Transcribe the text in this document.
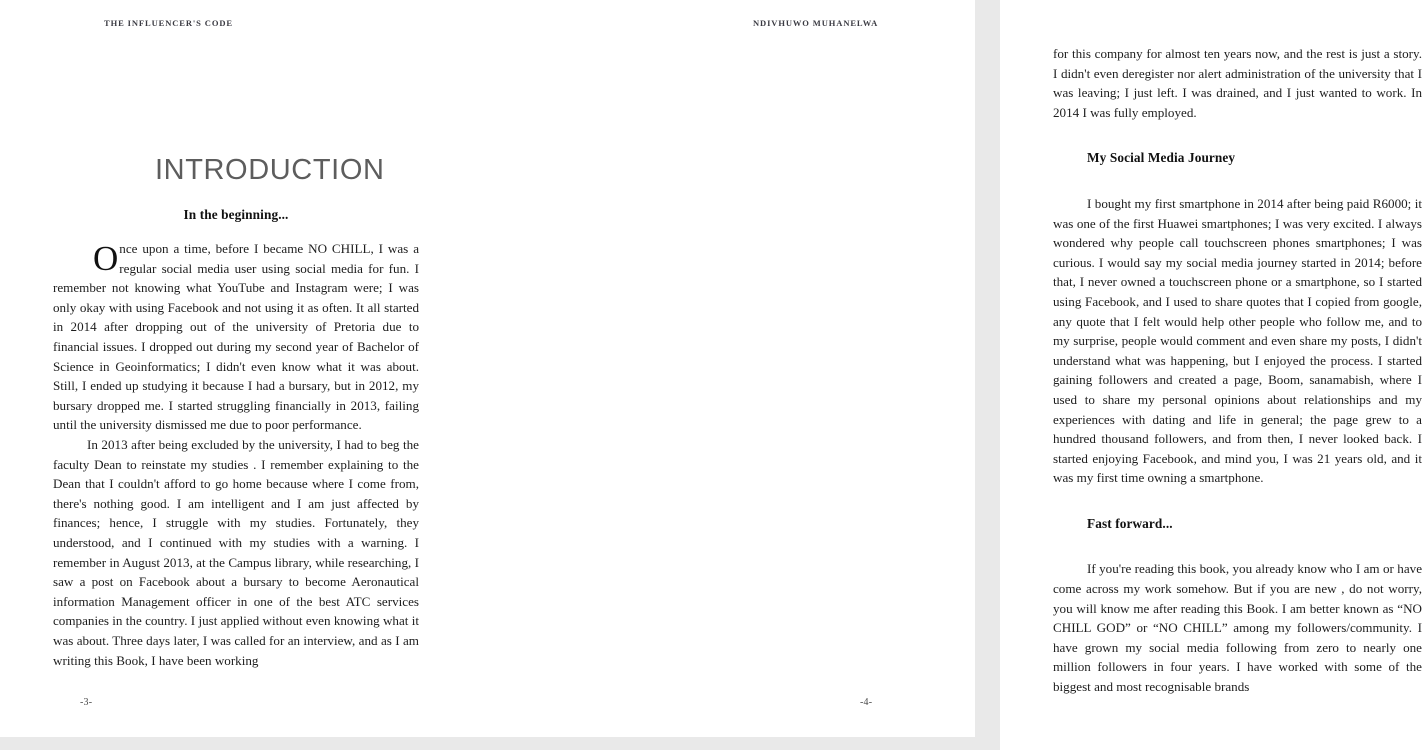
THE INFLUENCER'S CODE
INTRODUCTION
In the beginning...

Once upon a time, before I became NO CHILL, I was a regular social media user using social media for fun. I remember not knowing what YouTube and Instagram were; I was only okay with using Facebook and not using it as often. It all started in 2014 after dropping out of the university of Pretoria due to financial issues. I dropped out during my second year of Bachelor of Science in Geoinformatics; I didn't even know what it was about. Still, I ended up studying it because I had a bursary, but in 2012, my bursary dropped me. I started struggling financially in 2013, failing until the university dismissed me due to poor performance.

In 2013 after being excluded by the university, I had to beg the faculty Dean to reinstate my studies . I remember explaining to the Dean that I couldn't afford to go home because where I come from, there's nothing good. I am intelligent and I am just affected by finances; hence, I struggle with my studies. Fortunately, they understood, and I continued with my studies with a warning. I remember in August 2013, at the Campus library, while researching, I saw a post on Facebook about a bursary to become Aeronautical information Management officer in one of the best ATC services companies in the country. I just applied without even knowing what it was about. Three days later, I was called for an interview, and as I am writing this Book, I have been working

-3-
NDIVHUWO MUHANELWA

for this company for almost ten years now, and the rest is just a story. I didn't even deregister nor alert administration of the university that I was leaving; I just left. I was drained, and I just wanted to work. In 2014 I was fully employed.

My Social Media Journey

I bought my first smartphone in 2014 after being paid R6000; it was one of the first Huawei smartphones; I was very excited. I always wondered why people call touchscreen phones smartphones; I was curious. I would say my social media journey started in 2014; before that, I never owned a touchscreen phone or a smartphone, so I started using Facebook, and I used to share quotes that I copied from google, any quote that I felt would help other people who follow me, and to my surprise, people would comment and even share my posts, I didn't understand what was happening, but I enjoyed the process. I started gaining followers and created a page, Boom, sanamabish, where I used to share my personal opinions about relationships and my experiences with dating and life in general; the page grew to a hundred thousand followers, and from then, I never looked back. I started enjoying Facebook, and mind you, I was 21 years old, and it was my first time owning a smartphone.

Fast forward...

If you're reading this book, you already know who I am or have come across my work somehow. But if you are new , do not worry, you will know me after reading this Book. I am better known as “NO CHILL GOD” or “NO CHILL” among my followers/community. I have grown my social media following from zero to nearly one million followers in four years. I have worked with some of the biggest and most recognisable brands

-4-
